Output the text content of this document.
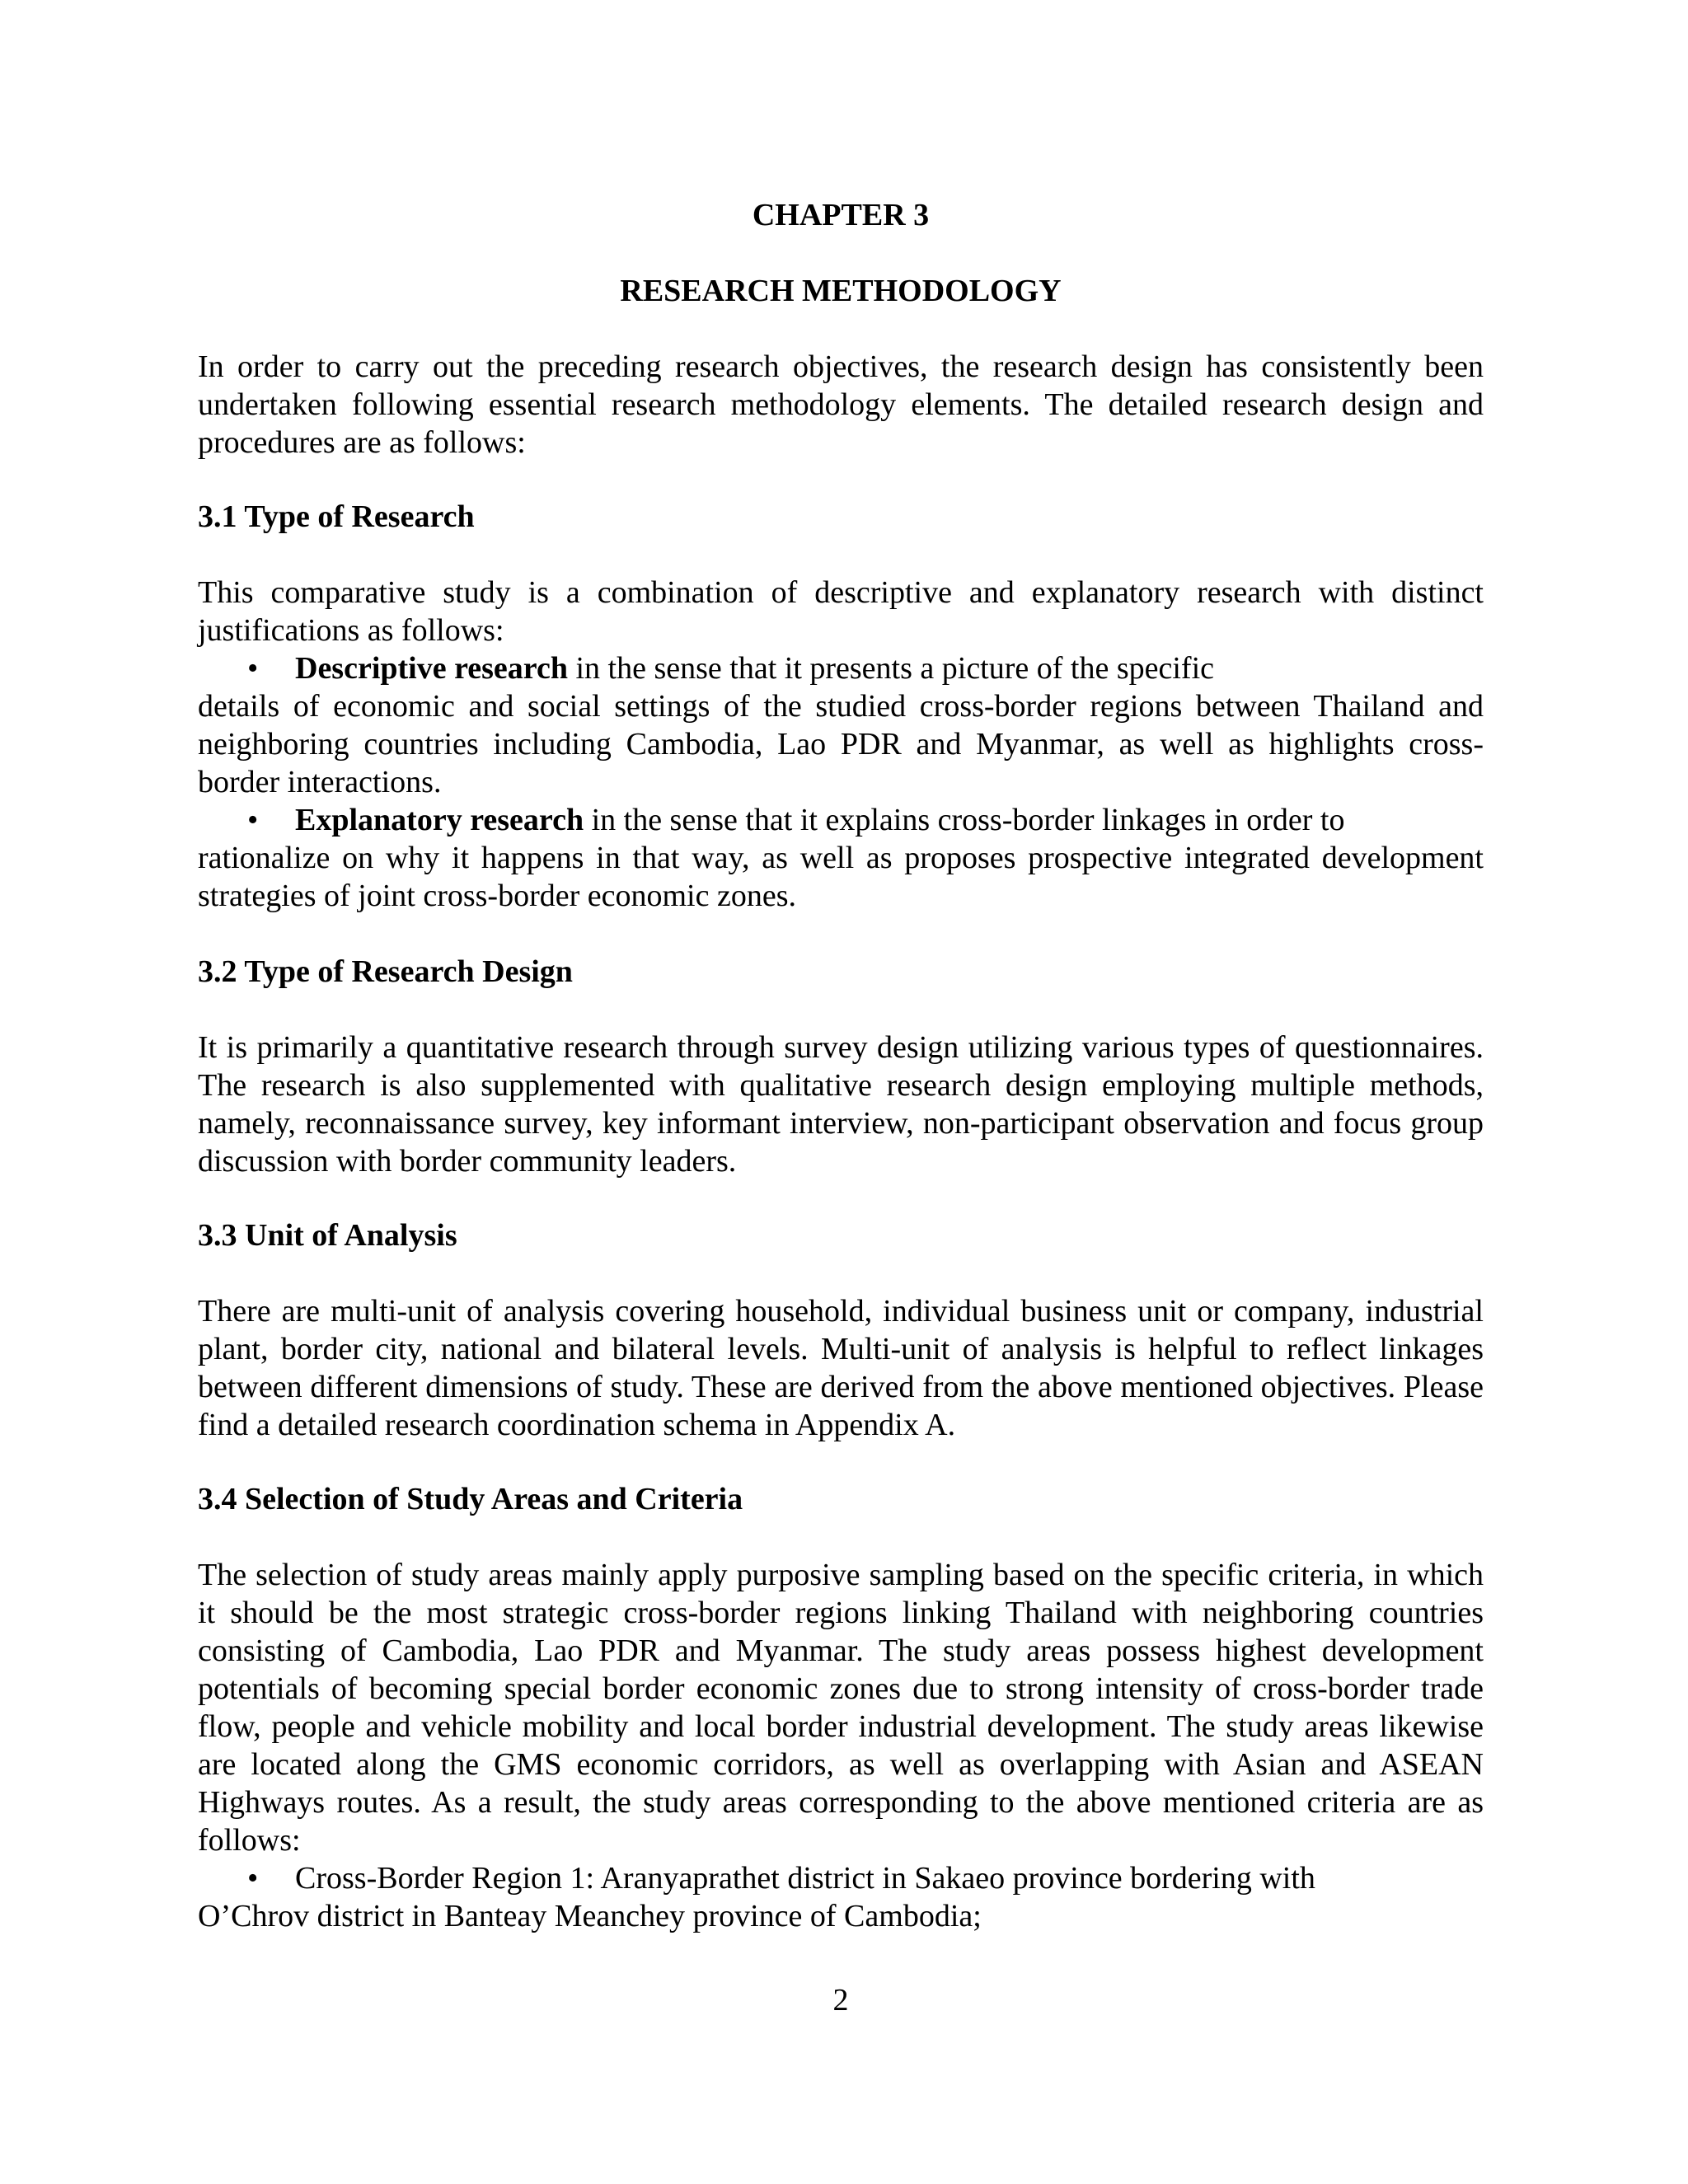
CHAPTER 3
RESEARCH METHODOLOGY
In order to carry out the preceding research objectives, the research design has consistently been undertaken following essential research methodology elements. The detailed research design and procedures are as follows:
3.1 Type of Research
This comparative study is a combination of descriptive and explanatory research with distinct justifications as follows:
• Descriptive research in the sense that it presents a picture of the specific
details of economic and social settings of the studied cross-border regions between Thailand and neighboring countries including Cambodia, Lao PDR and Myanmar, as well as highlights cross-border interactions.
• Explanatory research in the sense that it explains cross-border linkages in order to
rationalize on why it happens in that way, as well as proposes prospective integrated development strategies of joint cross-border economic zones.
3.2 Type of Research Design
It is primarily a quantitative research through survey design utilizing various types of questionnaires. The research is also supplemented with qualitative research design employing multiple methods, namely, reconnaissance survey, key informant interview, non-participant observation and focus group discussion with border community leaders.
3.3 Unit of Analysis
There are multi-unit of analysis covering household, individual business unit or company, industrial plant, border city, national and bilateral levels. Multi-unit of analysis is helpful to reflect linkages between different dimensions of study. These are derived from the above mentioned objectives. Please find a detailed research coordination schema in Appendix A.
3.4 Selection of Study Areas and Criteria
The selection of study areas mainly apply purposive sampling based on the specific criteria, in which it should be the most strategic cross-border regions linking Thailand with neighboring countries consisting of Cambodia, Lao PDR and Myanmar. The study areas possess highest development potentials of becoming special border economic zones due to strong intensity of cross-border trade flow, people and vehicle mobility and local border industrial development. The study areas likewise are located along the GMS economic corridors, as well as overlapping with Asian and ASEAN Highways routes. As a result, the study areas corresponding to the above mentioned criteria are as follows:
• Cross-Border Region 1: Aranyaprathet district in Sakaeo province bordering with
O’Chrov district in Banteay Meanchey province of Cambodia;
2
